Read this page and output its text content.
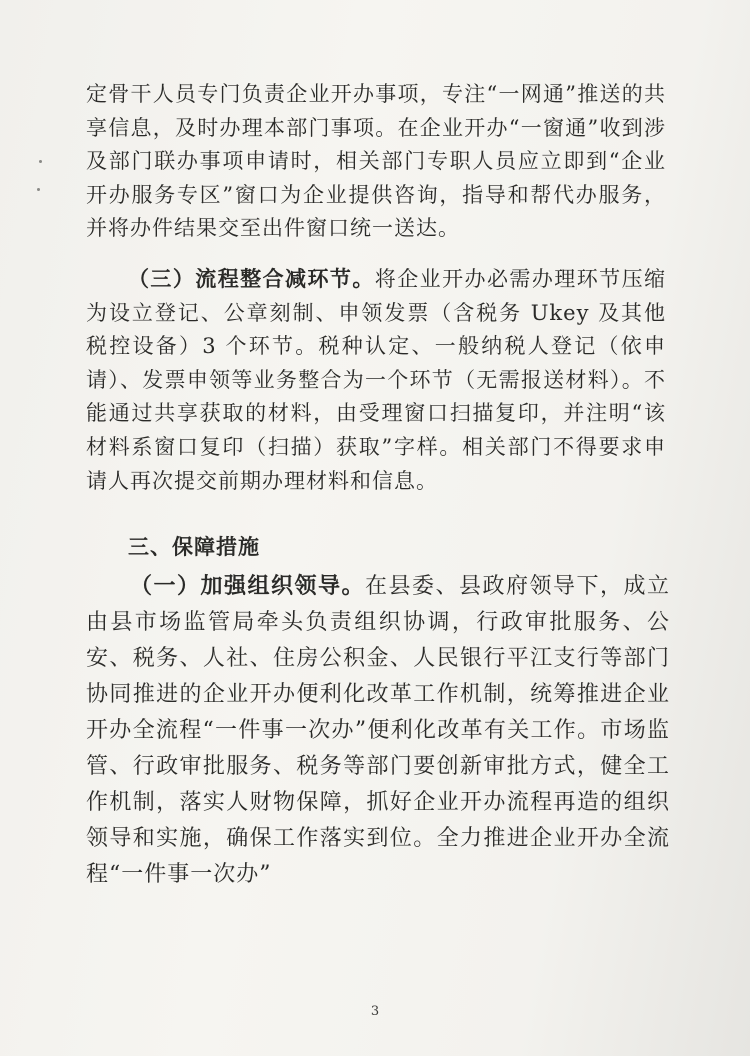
定骨干人员专门负责企业开办事项，专注“一网通”推送的共享信息，及时办理本部门事项。在企业开办“一窗通”收到涉及部门联办事项申请时，相关部门专职人员应立即到“企业开办服务专区”窗口为企业提供咨询，指导和帮代办服务，并将办件结果交至出件窗口统一送达。

（三）流程整合减环节。将企业开办必需办理环节压缩为设立登记、公章刻制、申领发票（含税务 Ukey 及其他税控设备）3 个环节。税种认定、一般纳税人登记（依申请）、发票申领等业务整合为一个环节（无需报送材料）。不能通过共享获取的材料，由受理窗口扫描复印，并注明“该材料系窗口复印（扫描）获取”字样。相关部门不得要求申请人再次提交前期办理材料和信息。

三、保障措施

（一）加强组织领导。在县委、县政府领导下，成立由县市场监管局牵头负责组织协调，行政审批服务、公安、税务、人社、住房公积金、人民银行平江支行等部门协同推进的企业开办便利化改革工作机制，统筹推进企业开办全流程“一件事一次办”便利化改革有关工作。市场监管、行政审批服务、税务等部门要创新审批方式，健全工作机制，落实人财物保障，抓好企业开办流程再造的组织领导和实施，确保工作落实到位。全力推进企业开办全流程“一件事一次办”

3
